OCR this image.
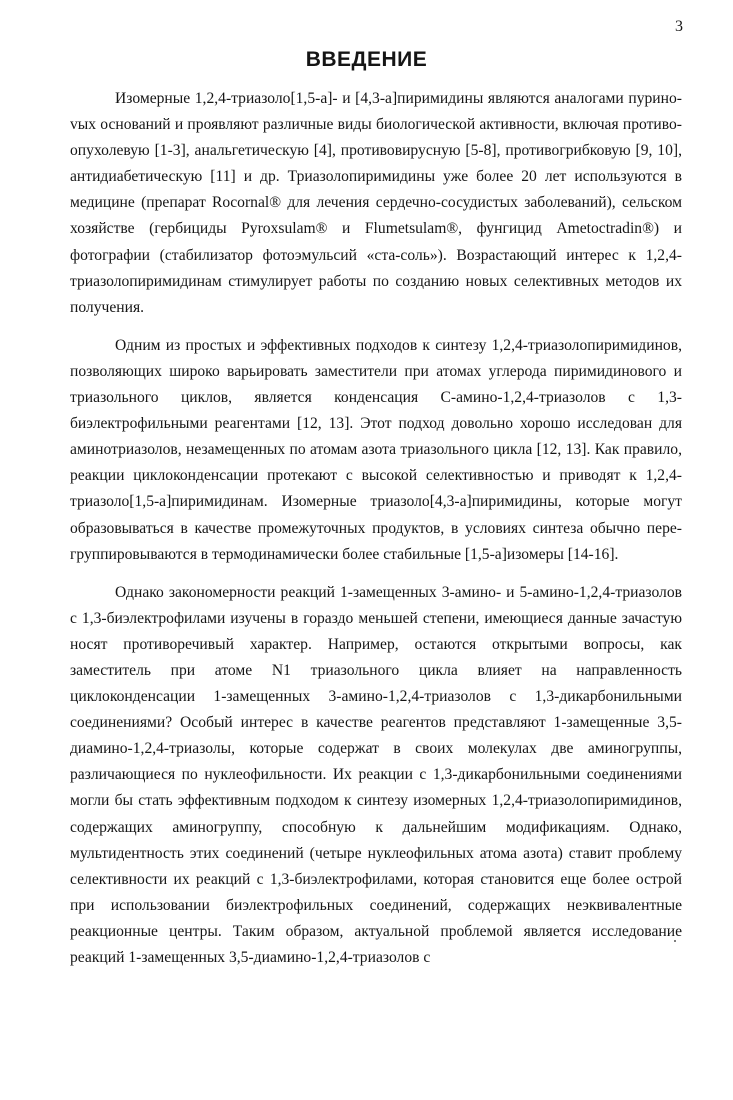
3
ВВЕДЕНИЕ

Изомерные 1,2,4-триазоло[1,5-a]- и [4,3-a]пиримидины являются аналогами пуриноvых оснований и проявляют различные виды биологической активности, включая противоопухолевую [1-3], анальгетическую [4], противовирусную [5-8], противогрибковую [9, 10], антидиабетическую [11] и др. Триазолопиримидины уже более 20 лет используются в медицине (препарат Rocornal® для лечения сердечно-сосудистых заболеваний), сельском хозяйстве (гербициды Pyroxsulam® и Flumetsulam®, фунгицид Ametoctradin®) и фотографии (стабилизатор фотоэмульсий «ста-соль»). Возрастающий интерес к 1,2,4-триазолопиримидинам стимулирует работы по созданию новых селективных методов их получения.

Одним из простых и эффективных подходов к синтезу 1,2,4-триазолопиримидинов, позволяющих широко варьировать заместители при атомах углерода пиримидинового и триазольного циклов, является конденсация C-амино-1,2,4-триазолов с 1,3-биэлектрофильными реагентами [12, 13]. Этот подход довольно хорошо исследован для аминотриазолов, незамещенных по атомам азота триазольного цикла [12, 13]. Как правило, реакции циклоконденсации протекают с высокой селективностью и приводят к 1,2,4-триазоло[1,5-a]пиримидинам. Изомерные триазоло[4,3-a]пиримидины, которые могут образовываться в качестве промежуточных продуктов, в условиях синтеза обычно перегруппировываются в термодинамически более стабильные [1,5-a]изомеры [14-16].

Однако закономерности реакций 1-замещенных 3-амино- и 5-амино-1,2,4-триазолов с 1,3-биэлектрофилами изучены в гораздо меньшей степени, имеющиеся данные зачастую носят противоречивый характер. Например, остаются открытыми вопросы, как заместитель при атоме N1 триазольного цикла влияет на направленность циклоконденсации 1-замещенных 3-амино-1,2,4-триазолов с 1,3-дикарбонильными соединениями? Особый интерес в качестве реагентов представляют 1-замещенные 3,5-диамино-1,2,4-триазолы, которые содержат в своих молекулах две аминогруппы, различающиеся по нуклеофильности. Их реакции с 1,3-дикарбонильными соединениями могли бы стать эффективным подходом к синтезу изомерных 1,2,4-триазолопиримидинов, содержащих аминогруппу, способную к дальнейшим модификациям. Однако, мультидентность этих соединений (четыре нуклеофильных атома азота) ставит проблему селективности их реакций с 1,3-биэлектрофилами, которая становится еще более острой при использовании биэлектрофильных соединений, содержащих неэквивалентные реакционные центры. Таким образом, актуальной проблемой является исследование реакций 1-замещенных 3,5-диамино-1,2,4-триазолов с
